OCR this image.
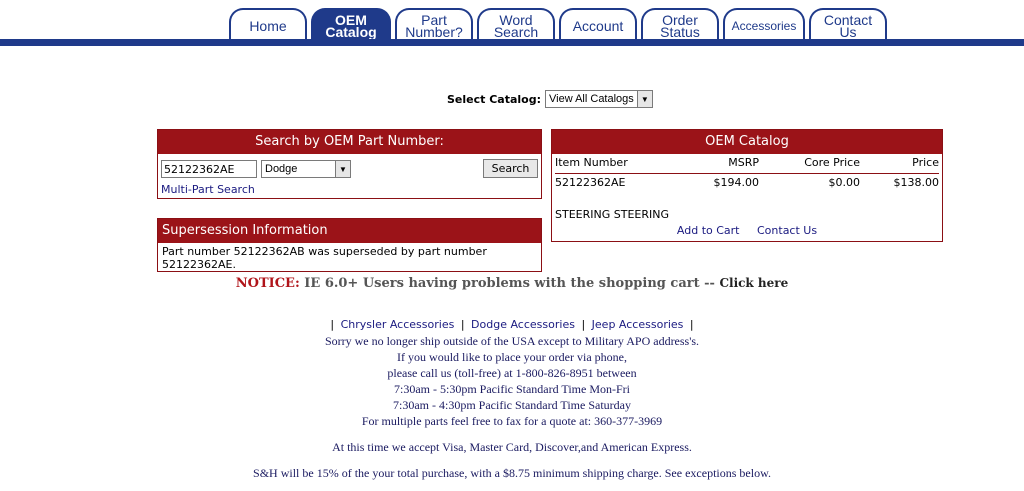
Home	OEM
Catalog
Part
Number?
Word
Search	Account	Order
Status	Accessories	Contact
Us
Select Catalog: View All Catalogs ▼
Search by OEM Part Number:
52122362AE
Dodge	▼	Search
Multi-Part Search
Supersession Information
Part number 52122362AB was superseded by part number 52122362AE.
OEM Catalog
Item Number	MSRP	Core Price	Price
52122362AE	$194.00	$0.00	$138.00
STEERING STEERING
Add to Cart Contact Us
NOTICE: IE 6.0+ Users having problems with the shopping cart -- Click here
| Chrysler Accessories | Dodge Accessories | Jeep Accessories |
Sorry we no longer ship outside of the USA except to Military APO address's.
If you would like to place your order via phone,
please call us (toll-free) at 1-800-826-8951 between
7:30am - 5:30pm Pacific Standard Time Mon-Fri
7:30am - 4:30pm Pacific Standard Time Saturday
For multiple parts feel free to fax for a quote at: 360-377-3969
At this time we accept Visa, Master Card, Discover,and American Express.
S&H will be 15% of the your total purchase, with a $8.75 minimum shipping charge. See exceptions below.
